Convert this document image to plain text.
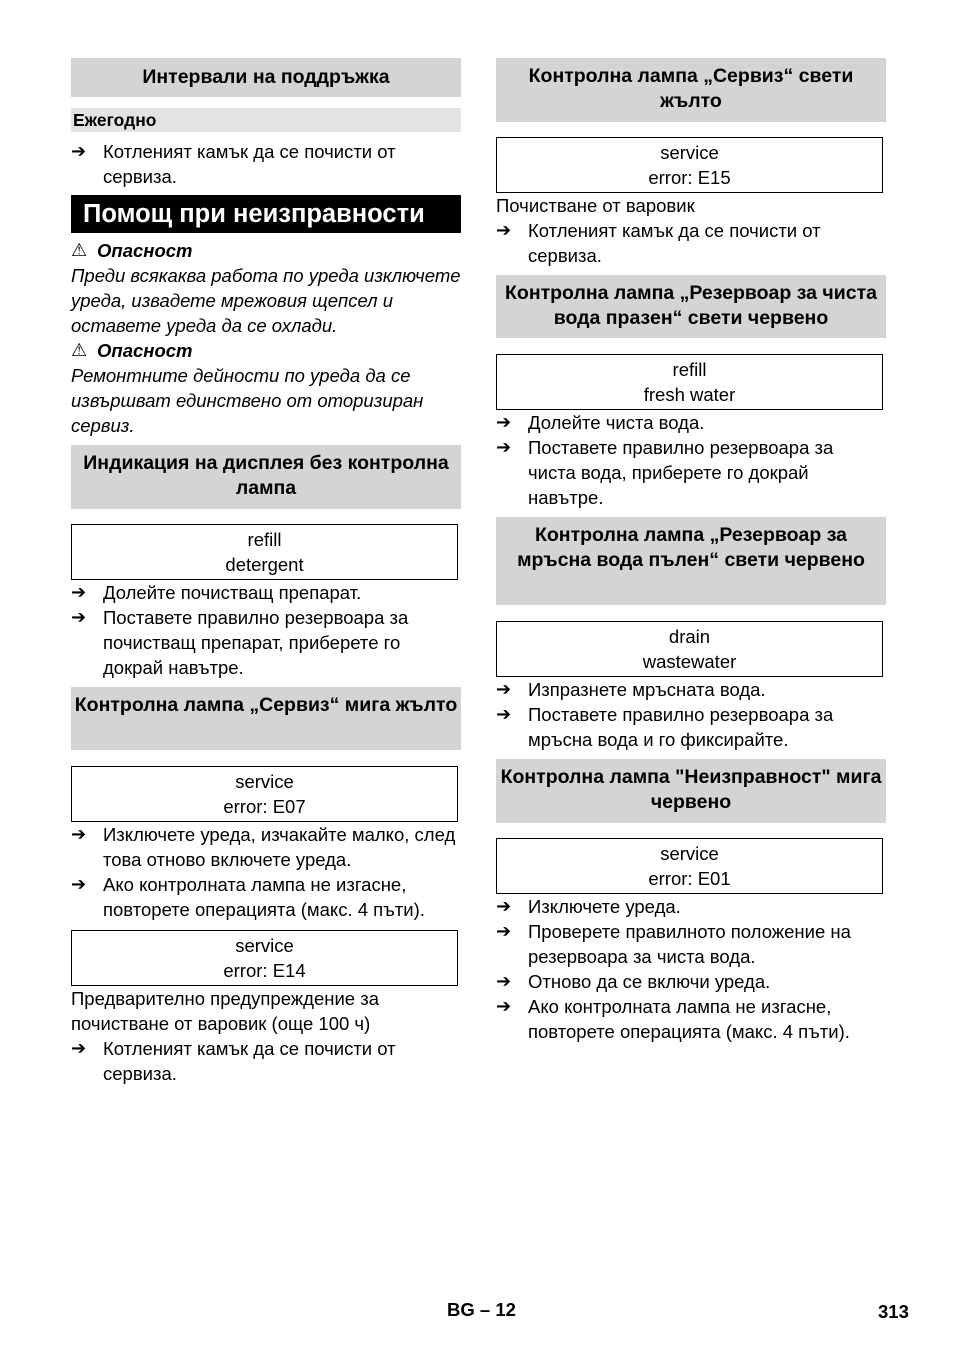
Интервали на поддръжка
Ежегодно
➔ Котленият камък да се почисти от сервиза.
Помощ при неизправности
⚠ Опасност
Преди всякаква работа по уреда изключете уреда, извадете мрежовия щепсел и оставете уреда да се охлади.
⚠ Опасност
Ремонтните дейности по уреда да се извършват единствено от оторизиран сервиз.
Индикация на дисплея без контролна лампа
refill
detergent
➔ Долейте почистващ препарат.
➔ Поставете правилно резервоара за почистващ препарат, приберете го докрай навътре.
Контролна лампа „Сервиз“ мига жълто
service
error: E07
➔ Изключете уреда, изчакайте малко, след това отново включете уреда.
➔ Ако контролната лампа не изгасне, повторете операцията (макс. 4 пъти).
service
error: E14
Предварително предупреждение за почистване от варовик (още 100 ч)
➔ Котленият камък да се почисти от сервиза.
Контролна лампа „Сервиз“ свети жълто
service
error: E15
Почистване от варовик
➔ Котленият камък да се почисти от сервиза.
Контролна лампа „Резервоар за чиста вода празен“ свети червено
refill
fresh water
➔ Долейте чиста вода.
➔ Поставете правилно резервоара за чиста вода, приберете го докрай навътре.
Контролна лампа „Резервоар за мръсна вода пълен“ свети червено
drain
wastewater
➔ Изпразнете мръсната вода.
➔ Поставете правилно резервоара за мръсна вода и го фиксирайте.
Контролна лампа "Неизправност" мига червено
service
error: E01
➔ Изключете уреда.
➔ Проверете правилното положение на резервоара за чиста вода.
➔ Отново да се включи уреда.
➔ Ако контролната лампа не изгасне, повторете операцията (макс. 4 пъти).
BG – 12	313
